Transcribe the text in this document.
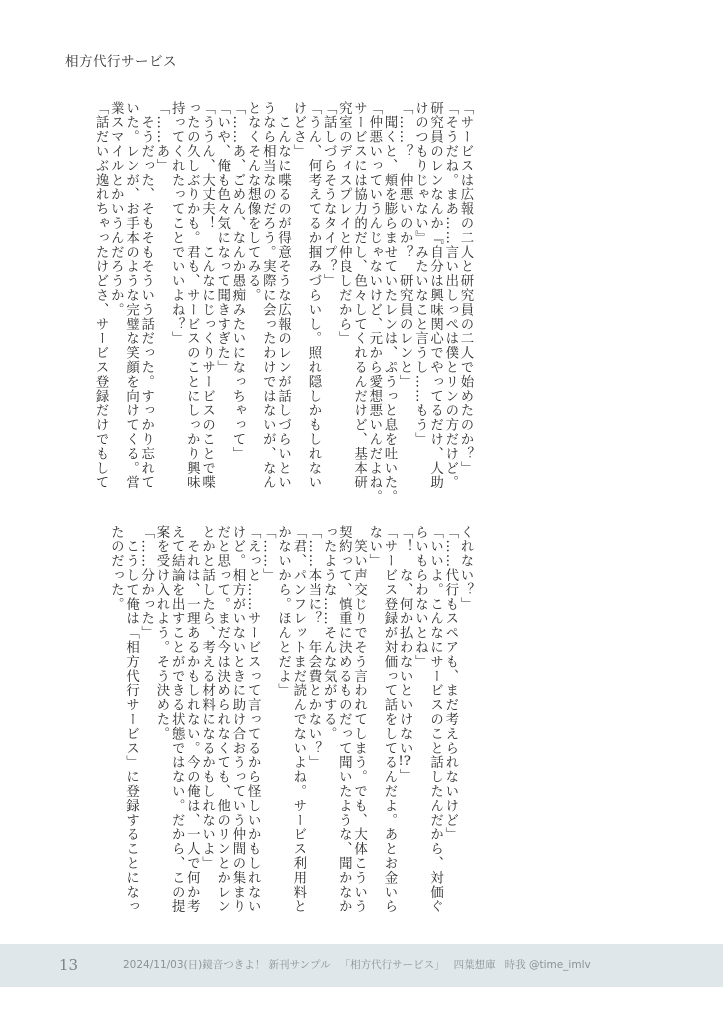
相方代行サービス

「サービスは広報の二人と研究員の二人で始めたのか？」

「そうだね。まあ……言い出しっぺは僕とリンの方だけど。

研究員のレンなんか『自分は興味関心でやってるだけ、人助

けのつもりじゃない』みたいなこと言うし……もう」

「……？　仲悪いのか？　研究員のレンと」

　聞くと、頬を膨らませていたレンは、ぷうっと息を吐いた。

「仲悪いっていうんじゃないけど、元から愛想悪いんだよね。

サービスには協力的だし、色々してくれるんだけど、基本研

究室のディスプレイと仲良しだから」

「話しづらそうなタイプ？」

「うん、何考えてるか掴みづらいし。照れ隠しかもしれない

けどさ」

　こんなに喋るのが得意そうな広報のレンが話しづらいとい

うなら相当なのだろう。実際に会ったわけではないが、なん

となくそんな想像をしてみる。

「……あ、ごめん、なんか愚痴みたいになっちゃって」

「いや、俺も色々気になって聞きすぎた」

「ううん、大丈夫！　こんなにじっくりサービスのことで喋

ったの久しぶりかも。君も、サービスのことにしっかり興味

持ってくれたってことでいいよね？」

「……あ」

　そうだった、そもそもそういう話だった。すっかり忘れて

いた。レンが、お手本のような完璧な笑顔を向けてくる。営

業スマイルとかいうんだろうか。

「話だいぶ逸れちゃったけどさ、サービス登録だけでもして

くれない？」

「……代行もスペアも、まだ考えられないけど」

「いいよ。こんなにサービスのこと話したんだから、対価ぐ

らいもらわないとね」

「！　な、何か払わないといけない!?」

「サービス登録が対価って話をしてるんだよ。あとお金いら

ない」

　笑い声交じりでそう言われてしまう。でも、大体こういう

契約って、慎重に決めるものだって聞いたような、聞かなか

ったような……そんな気がする。

「……本当に？　年会費とかない？」

「君、パンフレットまだ読んでないよね。サービス利用料と

かないから。ほんとだよ」

「……」

「えっと……サービスって言ってるから怪しいかもしれない

けど。相方がいないときに助け合おうっていう仲間の集まり

だと思って。まだ今は決められなくても、他のリンとかレン

とかと話したら、考える材料になるかもしれないよ」

　それは、一理あるかもしれない。今の俺は、一人で何か考

えて結論を出すことができる状態ではない。だから、この提

案を受け入れよう。そう決めた。

「……分かった」

　こうして俺は「相方代行サービス」に登録することになっ

たのだった。

13	2024/11/03(日)鏡音つきよ！ 新刊サンプル 「相方代行サービス」 四葉想庫 時我 @time_imlv
